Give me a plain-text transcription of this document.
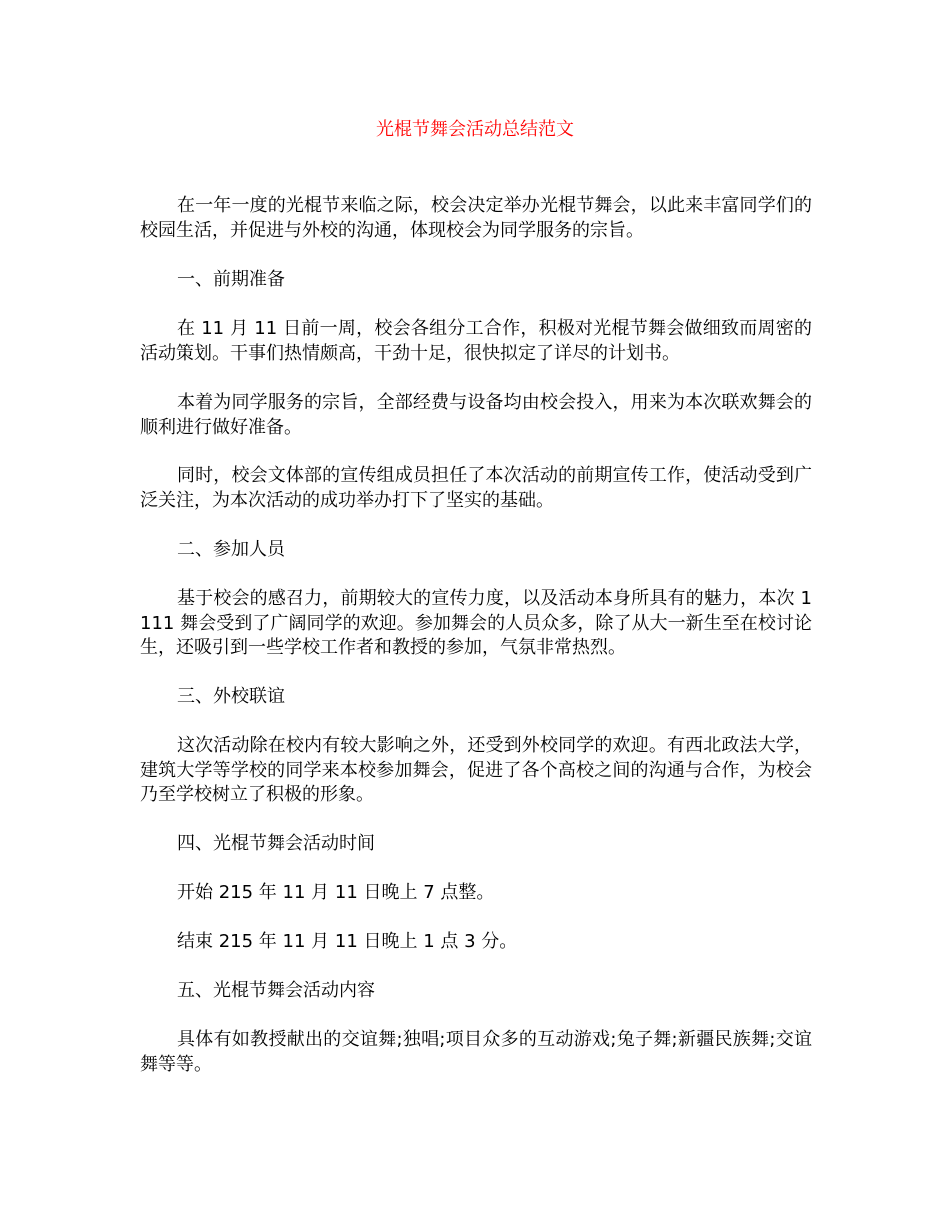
光棍节舞会活动总结范文

在一年一度的光棍节来临之际，校会决定举办光棍节舞会，以此来丰富同学们的校园生活，并促进与外校的沟通，体现校会为同学服务的宗旨。

一、前期准备

在 11 月 11 日前一周，校会各组分工合作，积极对光棍节舞会做细致而周密的活动策划。干事们热情颇高，干劲十足，很快拟定了详尽的计划书。

本着为同学服务的宗旨，全部经费与设备均由校会投入，用来为本次联欢舞会的顺利进行做好准备。

同时，校会文体部的宣传组成员担任了本次活动的前期宣传工作，使活动受到广泛关注，为本次活动的成功举办打下了坚实的基础。

二、参加人员

基于校会的感召力，前期较大的宣传力度，以及活动本身所具有的魅力，本次 1111 舞会受到了广阔同学的欢迎。参加舞会的人员众多，除了从大一新生至在校讨论生，还吸引到一些学校工作者和教授的参加，气氛非常热烈。

三、外校联谊

这次活动除在校内有较大影响之外，还受到外校同学的欢迎。有西北政法大学，建筑大学等学校的同学来本校参加舞会，促进了各个高校之间的沟通与合作，为校会乃至学校树立了积极的形象。

四、光棍节舞会活动时间

开始 215 年 11 月 11 日晚上 7 点整。

结束 215 年 11 月 11 日晚上 1 点 3 分。

五、光棍节舞会活动内容

具体有如教授献出的交谊舞;独唱;项目众多的互动游戏;兔子舞;新疆民族舞;交谊舞等等。
